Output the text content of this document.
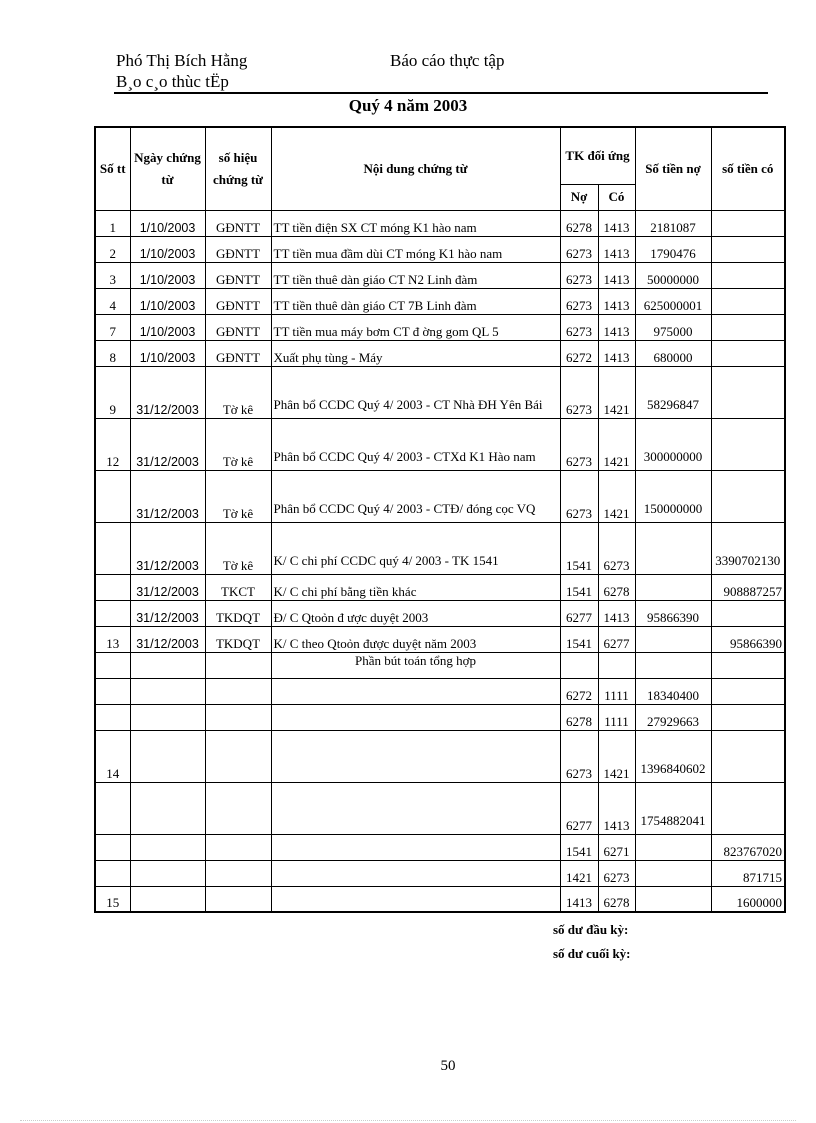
Phó Thị Bích Hằng	Báo cáo thực tập
B¸o c¸o thùc tËp
Quý 4 năm 2003
Số tt	Ngày chứng từ	số hiệu chứng từ	Nội dung chứng từ	TK đối ứng		Số tiền nợ	số tiền có
				Nợ	Có		
1	1/10/2003	GĐNTT	TT tiền điện SX CT móng K1 hào nam	6278	1413	2181087	
2	1/10/2003	GĐNTT	TT tiền mua đầm dùi CT móng K1 hào nam	6273	1413	1790476	
3	1/10/2003	GĐNTT	TT tiền thuê dàn giáo CT N2 Linh đàm	6273	1413	50000000	
4	1/10/2003	GĐNTT	TT tiền thuê dàn giáo CT 7B Linh đàm	6273	1413	625000001	
7	1/10/2003	GĐNTT	TT tiền mua máy bơm CT đ ờng gom QL 5	6273	1413	975000	
8	1/10/2003	GĐNTT	Xuất phụ tùng - Máy	6272	1413	680000	
9	31/12/2003	Tờ kê	Phân bổ CCDC Quý 4/ 2003 - CT Nhà ĐH Yên Bái	6273	1421	58296847	
12	31/12/2003	Tờ kê	Phân bổ CCDC Quý 4/ 2003 - CTXd K1 Hào nam	6273	1421	300000000	
	31/12/2003	Tờ kê	Phân bổ CCDC Quý 4/ 2003 - CTĐ/ đóng cọc VQ	6273	1421	150000000	
	31/12/2003	Tờ kê	K/ C chi phí CCDC quý 4/ 2003 - TK 1541	1541	6273		3390702130
	31/12/2003	TKCT	K/ C chi phí bằng tiền khác	1541	6278		908887257
	31/12/2003	TKDQT	Đ/ C Qtoỏn đ ược duyệt 2003	6277	1413	95866390	
13	31/12/2003	TKDQT	K/ C theo Qtoỏn được duyệt năm 2003	1541	6277		95866390
			Phần bút toán tổng hợp				
				6272	1111	18340400	
				6278	1111	27929663	
14				6273	1421	1396840602	
				6277	1413	1754882041	
				1541	6271		823767020
				1421	6273		871715
15				1413	6278		1600000
số dư đầu kỳ:
số dư cuối kỳ:
50
